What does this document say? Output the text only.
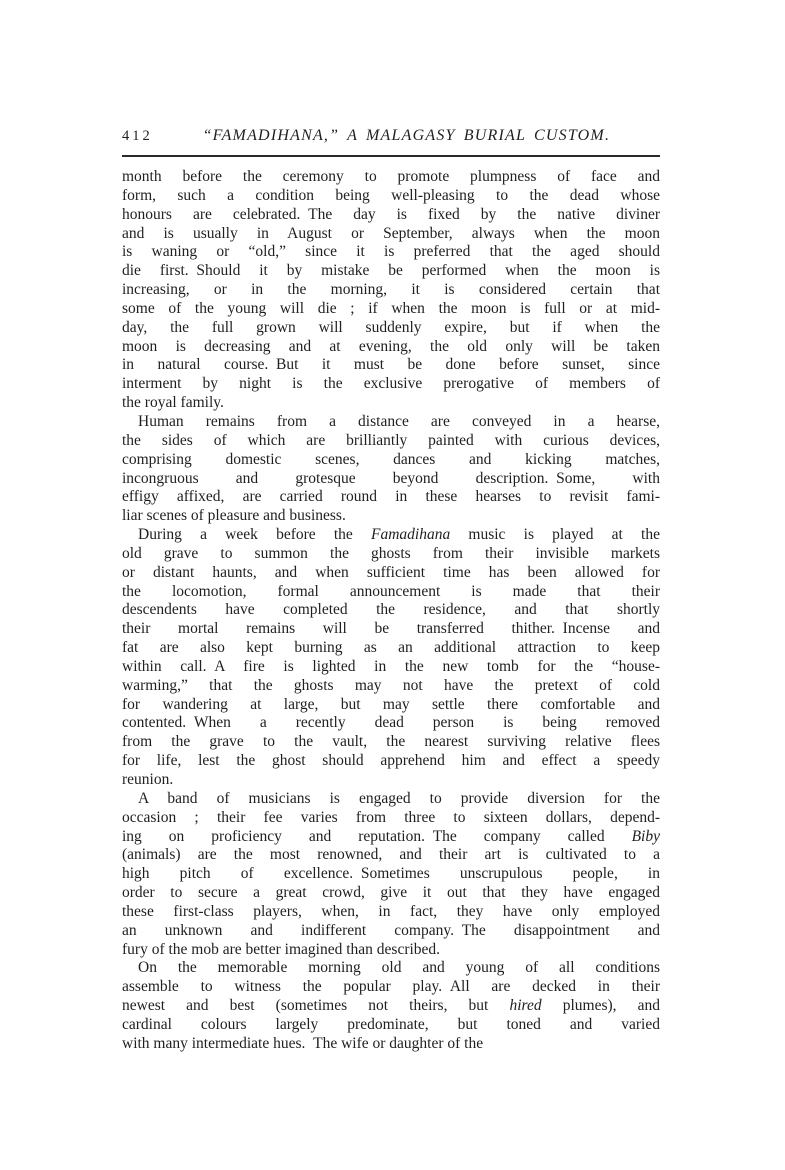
412	“FAMADIHANA,” A MALAGASY BURIAL CUSTOM.
month before the ceremony to promote plumpness of face and
form, such a condition being well-pleasing to the dead whose
honours are celebrated. The day is fixed by the native diviner
and is usually in August or September, always when the moon
is waning or “old,” since it is preferred that the aged should
die first. Should it by mistake be performed when the moon is
increasing, or in the morning, it is considered certain that
some of the young will die ; if when the moon is full or at mid-
day, the full grown will suddenly expire, but if when the
moon is decreasing and at evening, the old only will be taken
in natural course. But it must be done before sunset, since
interment by night is the exclusive prerogative of members of
the royal family.
Human remains from a distance are conveyed in a hearse,
the sides of which are brilliantly painted with curious devices,
comprising domestic scenes, dances and kicking matches,
incongruous and grotesque beyond description. Some, with
effigy affixed, are carried round in these hearses to revisit fami-
liar scenes of pleasure and business.
During a week before the Famadihana music is played at the
old grave to summon the ghosts from their invisible markets
or distant haunts, and when sufficient time has been allowed for
the locomotion, formal announcement is made that their
descendents have completed the residence, and that shortly
their mortal remains will be transferred thither. Incense and
fat are also kept burning as an additional attraction to keep
within call. A fire is lighted in the new tomb for the “house-
warming,” that the ghosts may not have the pretext of cold
for wandering at large, but may settle there comfortable and
contented. When a recently dead person is being removed
from the grave to the vault, the nearest surviving relative flees
for life, lest the ghost should apprehend him and effect a speedy
reunion.
A band of musicians is engaged to provide diversion for the
occasion ; their fee varies from three to sixteen dollars, depend-
ing on proficiency and reputation. The company called Biby
(animals) are the most renowned, and their art is cultivated to a
high pitch of excellence. Sometimes unscrupulous people, in
order to secure a great crowd, give it out that they have engaged
these first-class players, when, in fact, they have only employed
an unknown and indifferent company. The disappointment and
fury of the mob are better imagined than described.
On the memorable morning old and young of all conditions
assemble to witness the popular play. All are decked in their
newest and best (sometimes not theirs, but hired plumes), and
cardinal colours largely predominate, but toned and varied
with many intermediate hues. The wife or daughter of the
